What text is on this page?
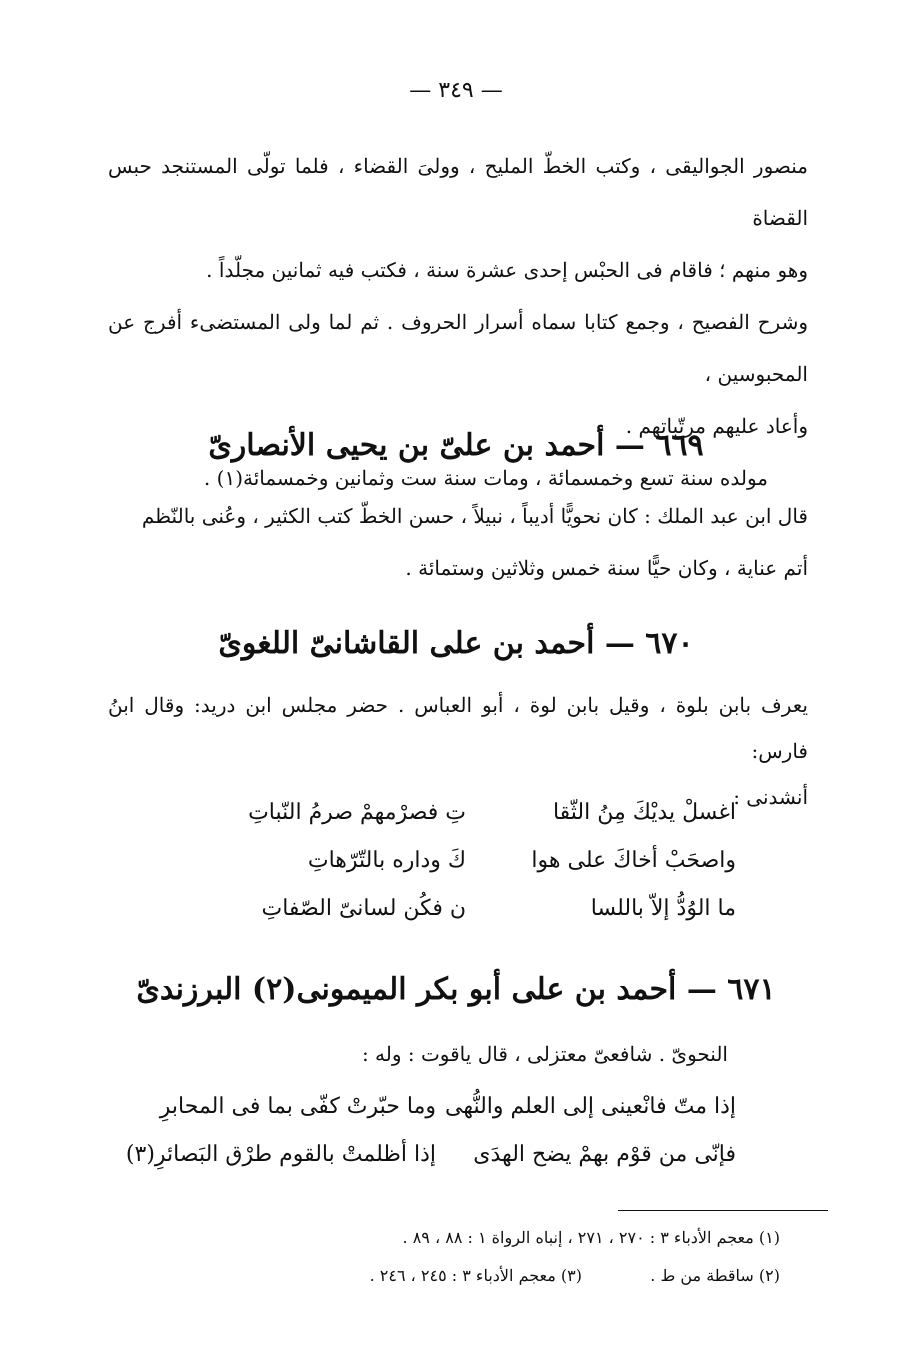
— ٣٤٩ —
منصور الجواليقى ، وكتب الخطّ المليح ، وولىَ القضاء ، فلما تولّى المستنجد حبس القضاة
وهو منهم ؛ فاقام فى الحبْس إحدى عشرة سنة ، فكتب فيه ثمانين مجلّداً .
وشرح الفصيح ، وجمع كتابا سماه أسرار الحروف . ثم لما ولى المستضىء أفرج عن المحبوسين ،
وأعاد عليهم مرتّباتهم .
مولده سنة تسع وخمسمائة ، ومات سنة ست وثمانين وخمسمائة(١) .
٦٦٩ — أحمد بن علىّ بن يحيى الأنصارىّ
قال ابن عبد الملك : كان نحويًّا أديباً ، نبيلاً ، حسن الخطّ كتب الكثير ، وعُنى بالنّظم
أتم عناية ، وكان حيًّا سنة خمس وثلاثين وستمائة .
٦٧٠ — أحمد بن على القاشانىّ اللغوىّ
يعرف بابن بلوة ، وقيل بابن لوة ، أبو العباس . حضر مجلس ابن دريد: وقال ابنُ فارس:
أنشدنى :
اغسلْ يديْكَ مِنُ الثّقا
تِ فصرْمهمْ صرمُ النّباتِ
واصحَبْ أخاكَ على هوا
كَ وداره بالتّرّهاتِ
ما الوُدُّ إلاّ باللسا
ن فكُن لسانىّ الصّفاتِ
٦٧١ — أحمد بن على أبو بكر الميمونى(٢) البرزندىّ
النحوىّ . شافعىّ معتزلى ، قال ياقوت : وله :
إذا متّ فانْعينى إلى العلم والنُّهى
وما حبّرتْ كفّى بما فى المحابرِ
فإنّى من قوْم بهمْ يضح الهدَى
إذا أظلمتْ بالقوم طرْق البَصائرِ(٣)
(١) معجم الأدباء ٣ : ٢٧٠ ، ٢٧١ ، إنباه الرواة ١ : ٨٨ ، ٨٩ .
(٢) ساقطة من ط .
(٣) معجم الأدباء ٣ : ٢٤٥ ، ٢٤٦ .
